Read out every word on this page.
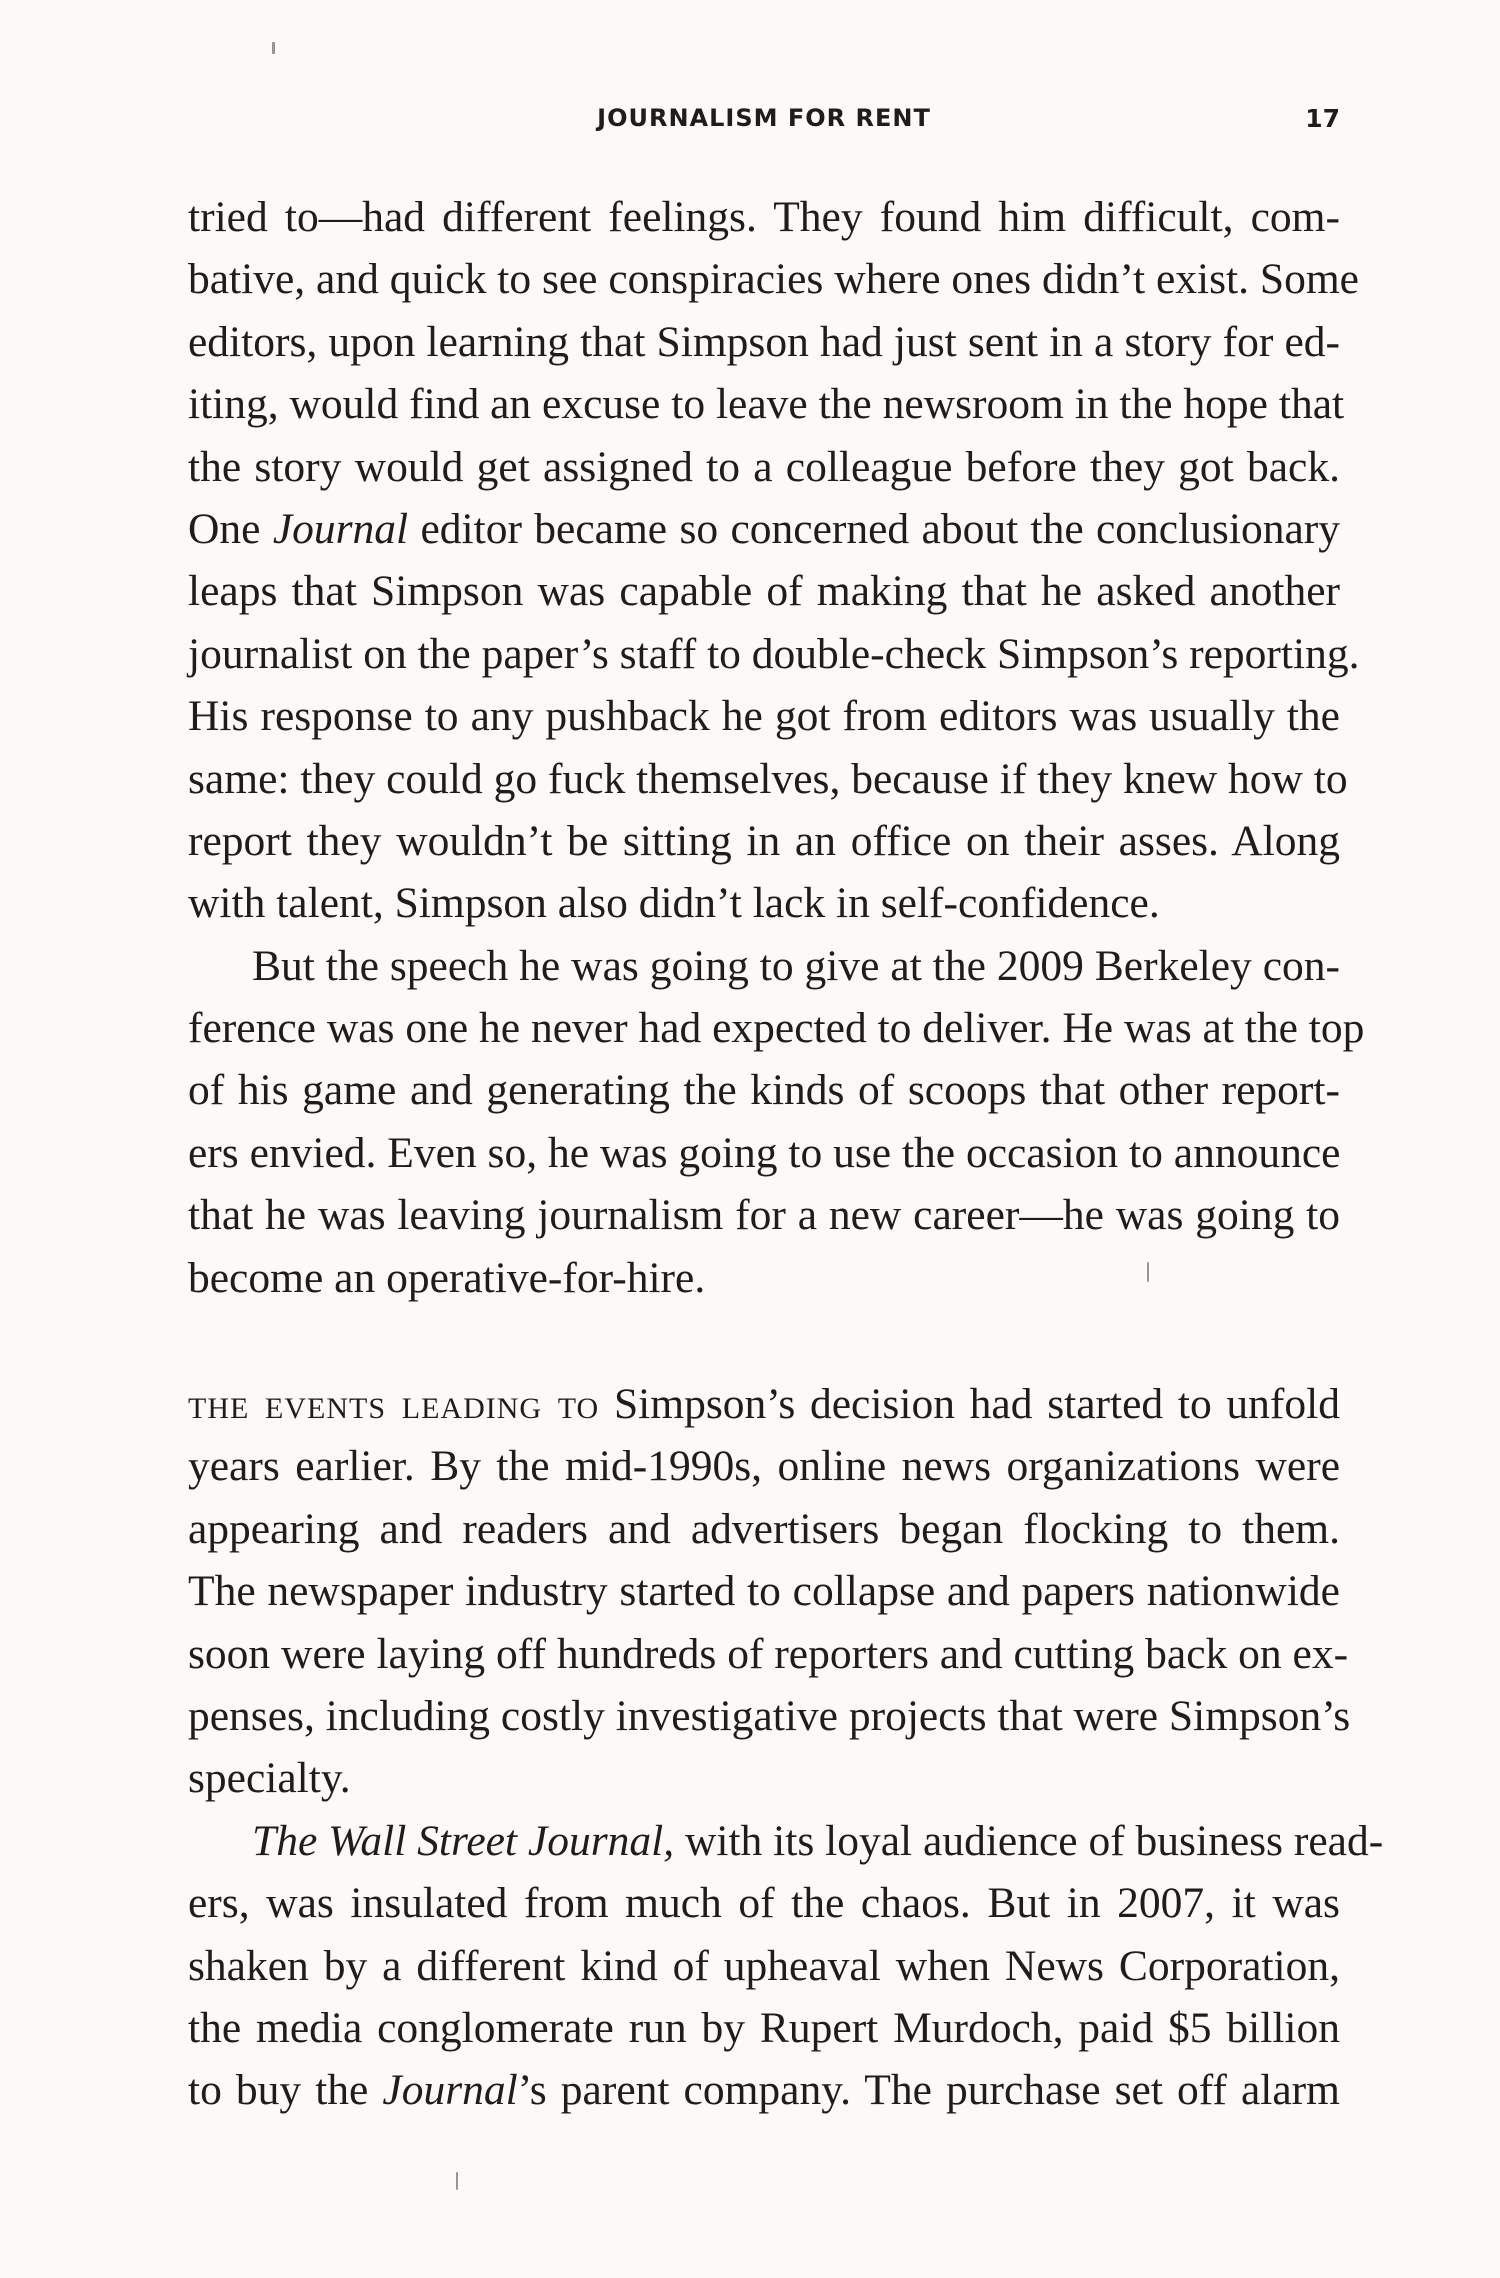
JOURNALISM FOR RENT	17
tried to—had different feelings. They found him difficult, com-
bative, and quick to see conspiracies where ones didn’t exist. Some
editors, upon learning that Simpson had just sent in a story for ed-
iting, would find an excuse to leave the newsroom in the hope that
the story would get assigned to a colleague before they got back.
One Journal editor became so concerned about the conclusionary
leaps that Simpson was capable of making that he asked another
journalist on the paper’s staff to double-check Simpson’s reporting.
His response to any pushback he got from editors was usually the
same: they could go fuck themselves, because if they knew how to
report they wouldn’t be sitting in an office on their asses. Along
with talent, Simpson also didn’t lack in self-confidence.
But the speech he was going to give at the 2009 Berkeley con-
ference was one he never had expected to deliver. He was at the top
of his game and generating the kinds of scoops that other report-
ers envied. Even so, he was going to use the occasion to announce
that he was leaving journalism for a new career—he was going to
become an operative-for-hire.
the events leading to Simpson’s decision had started to unfold
years earlier. By the mid-1990s, online news organizations were
appearing and readers and advertisers began flocking to them.
The newspaper industry started to collapse and papers nationwide
soon were laying off hundreds of reporters and cutting back on ex-
penses, including costly investigative projects that were Simpson’s
specialty.
The Wall Street Journal, with its loyal audience of business read-
ers, was insulated from much of the chaos. But in 2007, it was
shaken by a different kind of upheaval when News Corporation,
the media conglomerate run by Rupert Murdoch, paid $5 billion
to buy the Journal’s parent company. The purchase set off alarm
